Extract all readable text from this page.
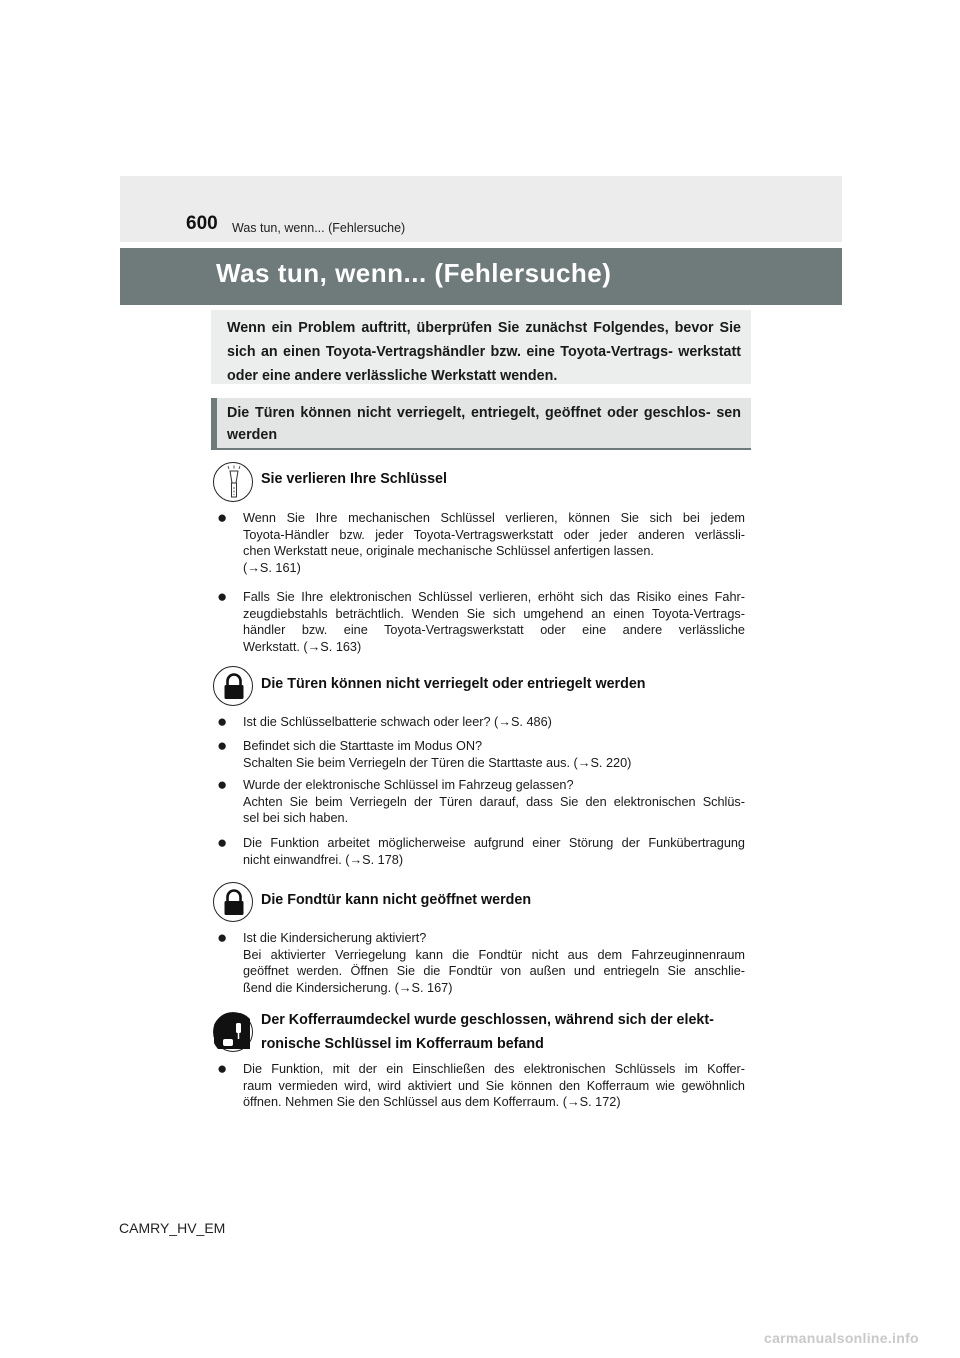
600 Was tun, wenn... (Fehlersuche)
Was tun, wenn... (Fehlersuche)

Wenn ein Problem auftritt, überprüfen Sie zunächst Folgendes, bevor Sie sich an einen Toyota-Vertragshändler bzw. eine Toyota-Vertrags- werkstatt oder eine andere verlässliche Werkstatt wenden.

Die Türen können nicht verriegelt, entriegelt, geöffnet oder geschlos- sen werden

Sie verlieren Ihre Schlüssel
● Wenn Sie Ihre mechanischen Schlüssel verlieren, können Sie sich bei jedem
Toyota-Händler bzw. jeder Toyota-Vertragswerkstatt oder jeder anderen verlässli-
chen Werkstatt neue, originale mechanische Schlüssel anfertigen lassen.
(→S. 161)
● Falls Sie Ihre elektronischen Schlüssel verlieren, erhöht sich das Risiko eines Fahr-
zeugdiebstahls beträchtlich. Wenden Sie sich umgehend an einen Toyota-Vertrags-
händler bzw. eine Toyota-Vertragswerkstatt oder eine andere verlässliche
Werkstatt. (→S. 163)
Die Türen können nicht verriegelt oder entriegelt werden
● Ist die Schlüsselbatterie schwach oder leer? (→S. 486)
● Befindet sich die Starttaste im Modus ON?
Schalten Sie beim Verriegeln der Türen die Starttaste aus. (→S. 220)
● Wurde der elektronische Schlüssel im Fahrzeug gelassen?
Achten Sie beim Verriegeln der Türen darauf, dass Sie den elektronischen Schlüs-
sel bei sich haben.
● Die Funktion arbeitet möglicherweise aufgrund einer Störung der Funkübertragung
nicht einwandfrei. (→S. 178)
Die Fondtür kann nicht geöffnet werden
● Ist die Kindersicherung aktiviert?
Bei aktivierter Verriegelung kann die Fondtür nicht aus dem Fahrzeuginnenraum
geöffnet werden. Öffnen Sie die Fondtür von außen und entriegeln Sie anschlie-
ßend die Kindersicherung. (→S. 167)
Der Kofferraumdeckel wurde geschlossen, während sich der elekt-
ronische Schlüssel im Kofferraum befand
● Die Funktion, mit der ein Einschließen des elektronischen Schlüssels im Koffer-
raum vermieden wird, wird aktiviert und Sie können den Kofferraum wie gewöhnlich
öffnen. Nehmen Sie den Schlüssel aus dem Kofferraum. (→S. 172)
CAMRY_HV_EM
carmanualsonline.info
